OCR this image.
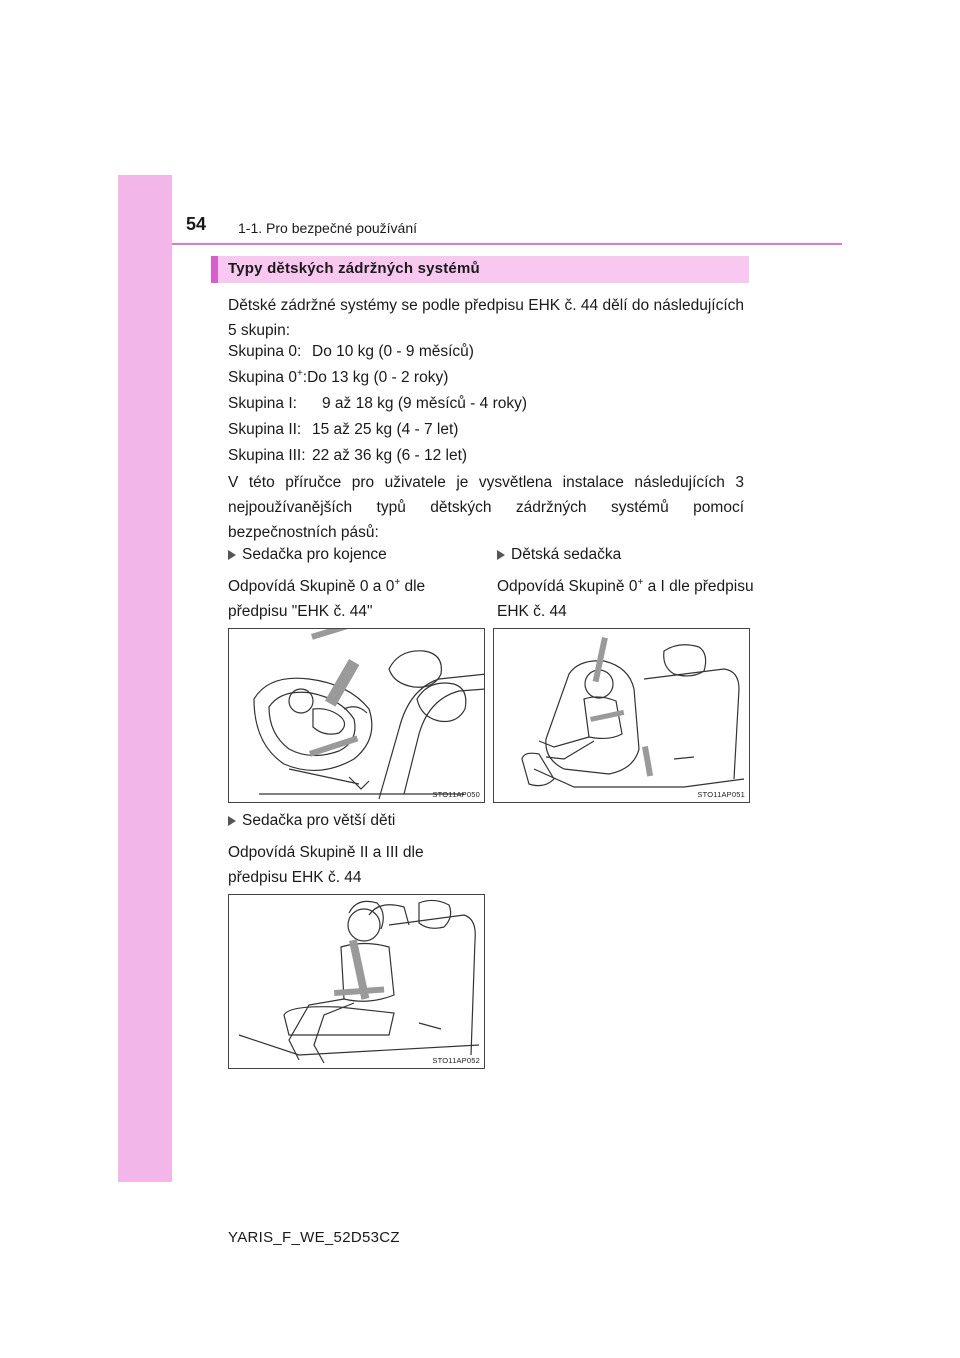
54 1-1. Pro bezpečné používání
Typy dětských zádržných systémů
Dětské zádržné systémy se podle předpisu EHK č. 44 dělí do následujících 5 skupin:
Skupina 0: Do 10 kg (0 - 9 měsíců)
Skupina 0+:Do 13 kg (0 - 2 roky)
Skupina I: 9 až 18 kg (9 měsíců - 4 roky)
Skupina II: 15 až 25 kg (4 - 7 let)
Skupina III: 22 až 36 kg (6 - 12 let)
V této příručce pro uživatele je vysvětlena instalace následujících 3 nejpoužívanějších typů dětských zádržných systémů pomocí bezpečnostních pásů:
Sedačka pro kojence
Odpovídá Skupině 0 a 0+ dle předpisu "EHK č. 44"
Dětská sedačka
Odpovídá Skupině 0+ a I dle předpisu EHK č. 44
STO11AP050	STO11AP051
Sedačka pro větší děti
Odpovídá Skupině II a III dle předpisu EHK č. 44
STO11AP052
YARIS_F_WE_52D53CZ
